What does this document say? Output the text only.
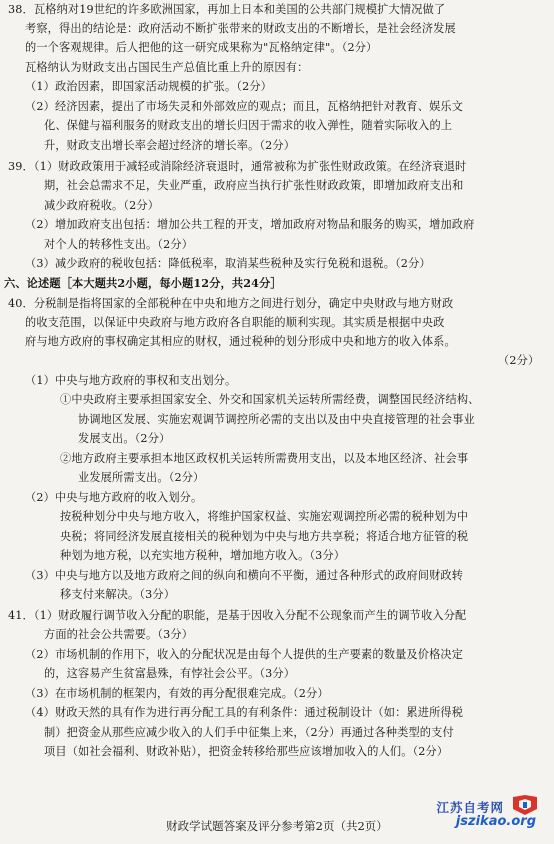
38．瓦格纳对19世纪的许多欧洲国家，再加上日本和美国的公共部门规模扩大情况做了
考察，得出的结论是：政府活动不断扩张带来的财政支出的不断增长，是社会经济发展
的一个客观规律。后人把他的这一研究成果称为"瓦格纳定律"。（2分）
瓦格纳认为财政支出占国民生产总值比重上升的原因有：
（1）政治因素，即国家活动规模的扩张。（2分）
（2）经济因素，提出了市场失灵和外部效应的观点；而且，瓦格纳把针对教育、娱乐文
化、保健与福利服务的财政支出的增长归因于需求的收入弹性，随着实际收入的上
升，财政支出增长率会超过经济的增长率。（2分）
39．（1）财政政策用于减轻或消除经济衰退时，通常被称为扩张性财政政策。在经济衰退时
期，社会总需求不足，失业严重，政府应当执行扩张性财政政策，即增加政府支出和
减少政府税收。（2分）
（2）增加政府支出包括：增加公共工程的开支，增加政府对物品和服务的购买，增加政府
对个人的转移性支出。（2分）
（3）减少政府的税收包括：降低税率，取消某些税种及实行免税和退税。（2分）
六、论述题［本大题共2小题，每小题12分，共24分］
40．分税制是指将国家的全部税种在中央和地方之间进行划分，确定中央财政与地方财政
的收支范围，以保证中央政府与地方政府各自职能的顺利实现。其实质是根据中央政
府与地方政府的事权确定其相应的财权，通过税种的划分形成中央和地方的收入体系。
（2分）
（1）中央与地方政府的事权和支出划分。
①中央政府主要承担国家安全、外交和国家机关运转所需经费，调整国民经济结构、
协调地区发展、实施宏观调节调控所必需的支出以及由中央直接管理的社会事业
发展支出。（2分）
②地方政府主要承担本地区政权机关运转所需费用支出，以及本地区经济、社会事
业发展所需支出。（2分）
（2）中央与地方政府的收入划分。
按税种划分中央与地方收入，将维护国家权益、实施宏观调控所必需的税种划为中
央税；将同经济发展直接相关的税种划为中央与地方共享税；将适合地方征管的税
种划为地方税，以充实地方税种，增加地方收入。（3分）
（3）中央与地方以及地方政府之间的纵向和横向不平衡，通过各种形式的政府间财政转
移支付来解决。（3分）
41．（1）财政履行调节收入分配的职能，是基于因收入分配不公现象而产生的调节收入分配
方面的社会公共需要。（3分）
（2）市场机制的作用下，收入的分配状况是由每个人提供的生产要素的数量及价格决定
的，这容易产生贫富悬殊，有悖社会公平。（3分）
（3）在市场机制的框架内，有效的再分配很难完成。（2分）
（4）财政天然的具有作为进行再分配工具的有利条件：通过税制设计（如：累进所得税
制）把资金从那些应减少收入的人们手中征集上来，（2分）再通过各种类型的支付
项目（如社会福利、财政补贴），把资金转移给那些应该增加收入的人们。（2分）
财政学试题答案及评分参考第2页（共2页）
江苏自考网
jszikao.org
